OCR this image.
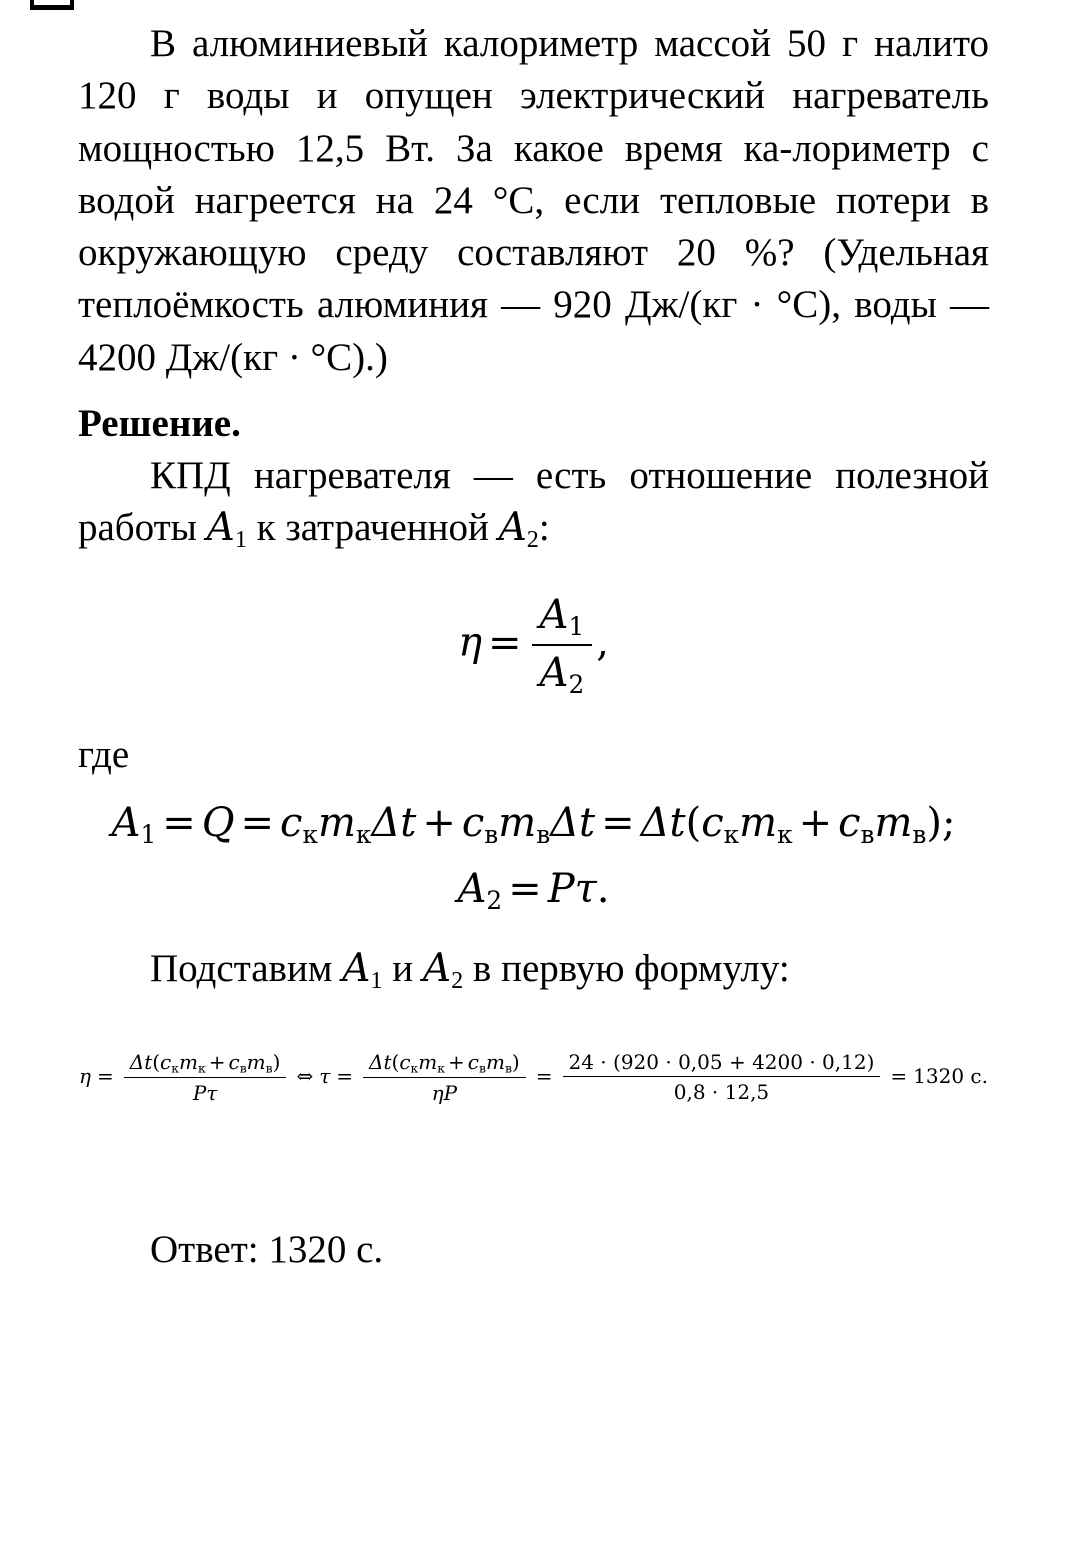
В алюминиевый калориметр массой 50 г налито 120 г воды и опущен электрический нагреватель мощностью 12,5 Вт. За какое время ка-лориметр с водой нагреется на 24 °C, если тепловые потери в окружающую среду составляют 20 %? (Удельная теплоёмкость алюминия — 920 Дж/(кг · °C), воды — 4200 Дж/(кг · °C).)

Решение.

КПД нагревателя — есть отношение полезной работы $A_1$ к затраченной $A_2$:

$\eta = \frac{A_1}{A_2}$ ,

где

$A_1 = Q = c_кm_к\Delta t + c_вm_в\Delta t = \Delta t(c_кm_к + c_вm_в)$;
$A_2 = P\tau$.

Подставим $A_1$ и $A_2$ в первую формулу:

$\eta = \frac{\Delta t(c_кm_к + c_вm_в)}{P\tau}$ ⇔ $\tau = \frac{\Delta t(c_кm_к + c_вm_в)}{\eta P} = \frac{24 \cdot (920 \cdot 0,05 + 4200 \cdot 0,12)}{0,8 \cdot 12,5} = 1320$ с.

Ответ: 1320 с.
